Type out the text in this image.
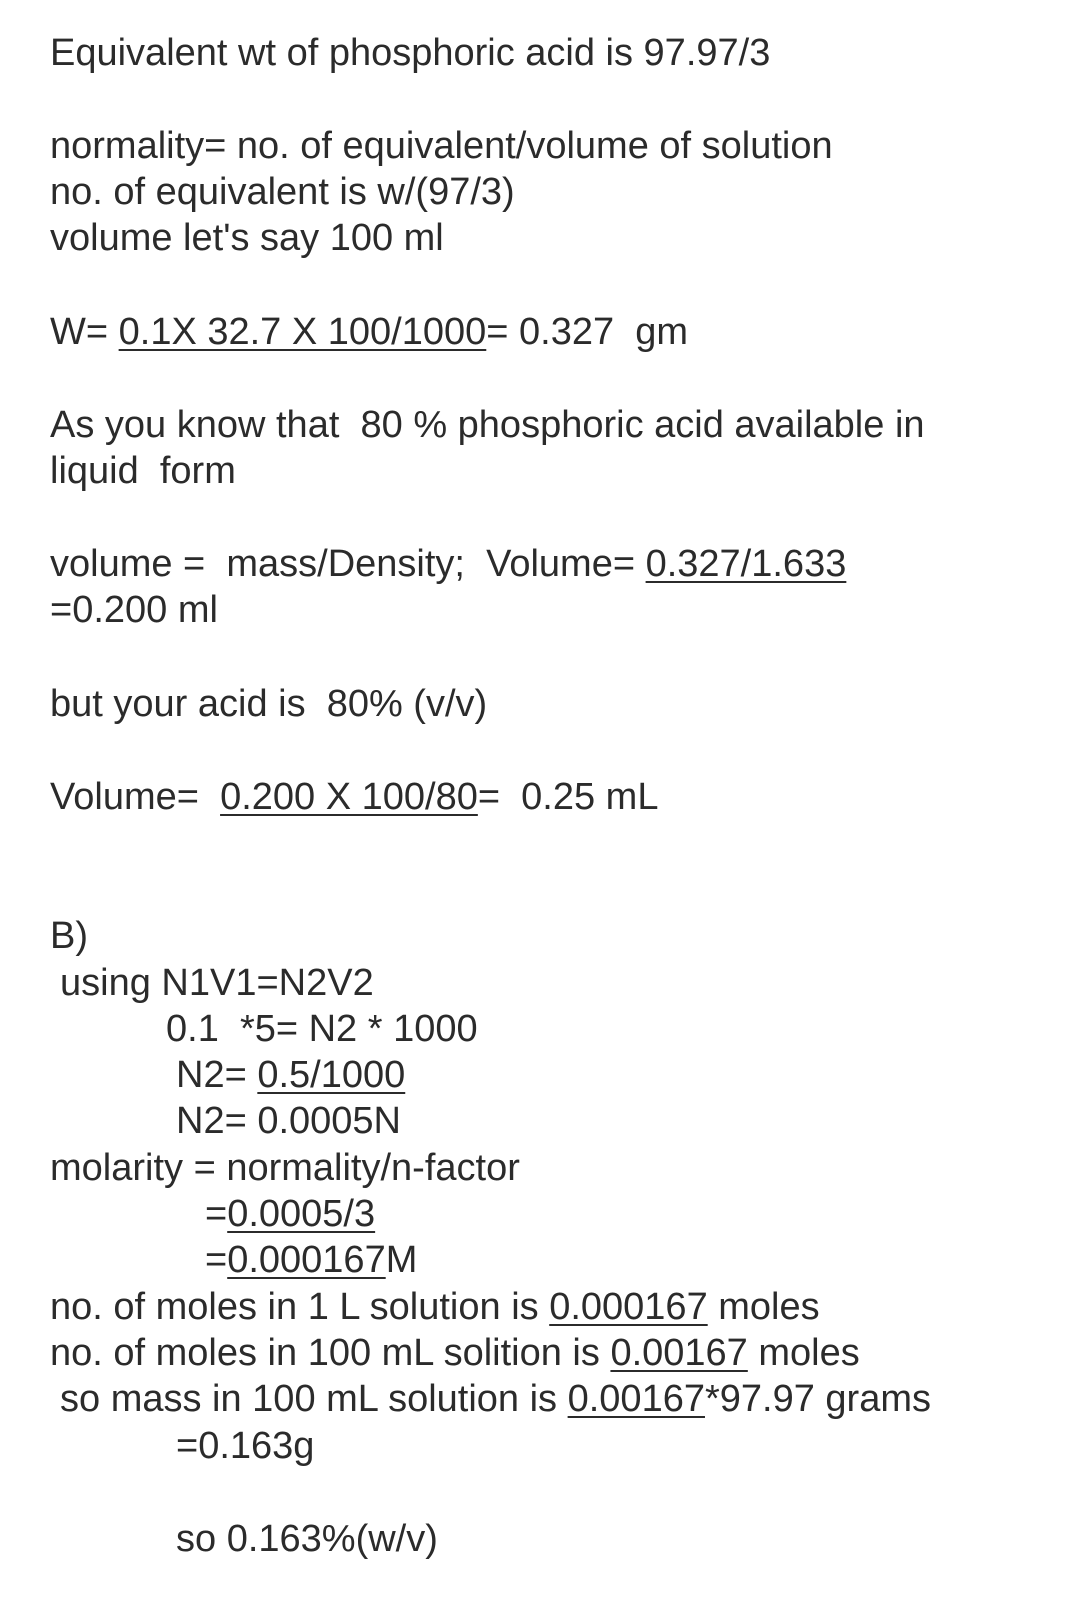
Equivalent wt of phosphoric acid is 97.97/3

normality= no. of equivalent/volume of solution

no. of equivalent is w/(97/3)

volume let's say 100 ml

W= 0.1X 32.7 X 100/1000= 0.327  gm

As you know that  80 % phosphoric acid available in

liquid  form

volume =  mass/Density;  Volume= 0.327/1.633

=0.200 ml

but your acid is  80% (v/v)

Volume=  0.200 X 100/80=  0.25 mL

B)

using N1V1=N2V2

0.1  *5= N2 * 1000

N2= 0.5/1000

N2= 0.0005N

molarity = normality/n-factor

=0.0005/3

=0.000167M

no. of moles in 1 L solution is 0.000167 moles

no. of moles in 100 mL solition is 0.00167 moles

so mass in 100 mL solution is 0.00167*97.97 grams

=0.163g

so 0.163%(w/v)
